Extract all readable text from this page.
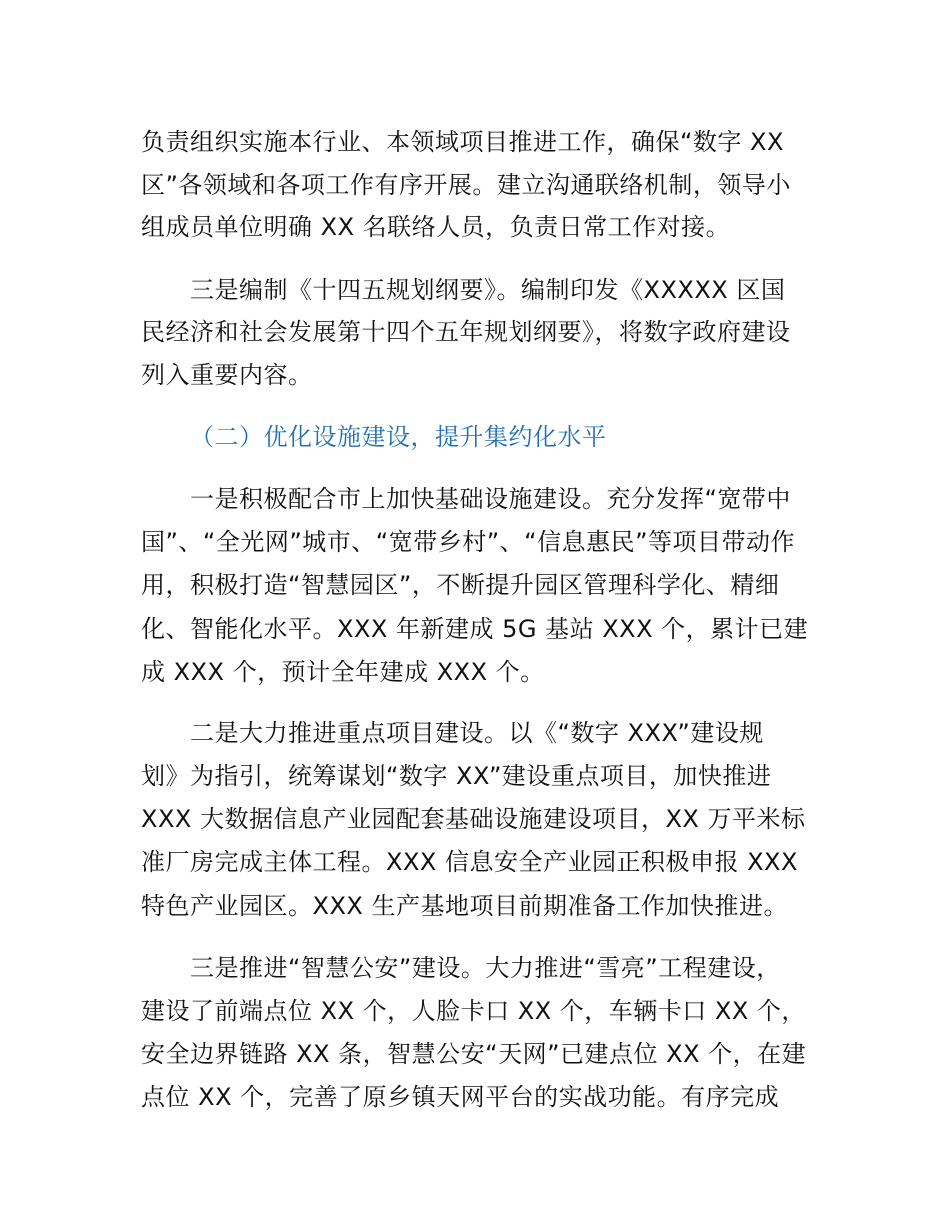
负责组织实施本行业、本领域项目推进工作，确保“数字 XX
区”各领域和各项工作有序开展。建立沟通联络机制，领导小
组成员单位明确 XX 名联络人员，负责日常工作对接。
三是编制《十四五规划纲要》。编制印发《XXXXX 区国
民经济和社会发展第十四个五年规划纲要》，将数字政府建设
列入重要内容。
（二）优化设施建设，提升集约化水平
一是积极配合市上加快基础设施建设。充分发挥“宽带中
国”、“全光网”城市、“宽带乡村”、“信息惠民”等项目带动作
用，积极打造“智慧园区”，不断提升园区管理科学化、精细
化、智能化水平。XXX 年新建成 5G 基站 XXX 个，累计已建
成 XXX 个，预计全年建成 XXX 个。
二是大力推进重点项目建设。以《“数字 XXX”建设规
划》为指引，统筹谋划“数字 XX”建设重点项目，加快推进
XXX 大数据信息产业园配套基础设施建设项目，XX 万平米标
准厂房完成主体工程。XXX 信息安全产业园正积极申报 XXX
特色产业园区。XXX 生产基地项目前期准备工作加快推进。
三是推进“智慧公安”建设。大力推进“雪亮”工程建设，
建设了前端点位 XX 个，人脸卡口 XX 个，车辆卡口 XX 个，
安全边界链路 XX 条，智慧公安“天网”已建点位 XX 个，在建
点位 XX 个，完善了原乡镇天网平台的实战功能。有序完成
